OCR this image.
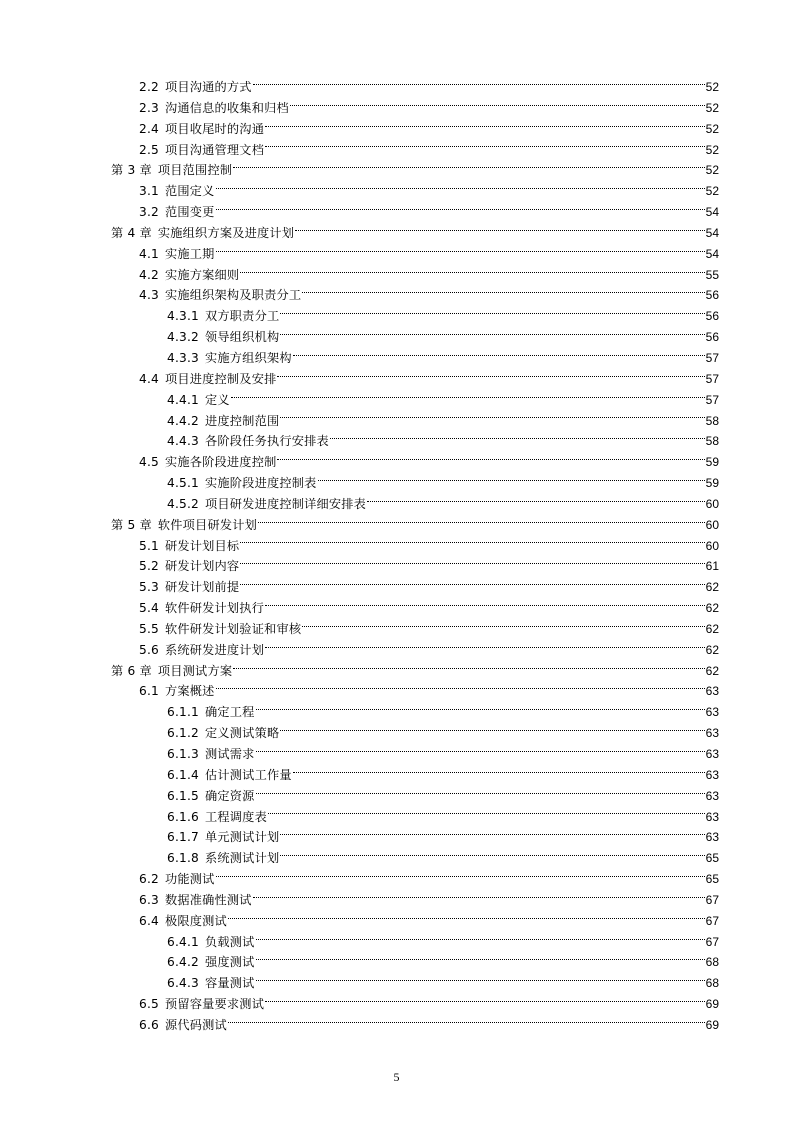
2.2 项目沟通的方式	52
2.3 沟通信息的收集和归档	52
2.4 项目收尾时的沟通	52
2.5 项目沟通管理文档	52
第 3 章 项目范围控制	52
3.1 范围定义	52
3.2 范围变更	54
第 4 章 实施组织方案及进度计划	54
4.1 实施工期	54
4.2 实施方案细则	55
4.3 实施组织架构及职责分工	56
4.3.1 双方职责分工	56
4.3.2 领导组织机构	56
4.3.3 实施方组织架构	57
4.4 项目进度控制及安排	57
4.4.1 定义	57
4.4.2 进度控制范围	58
4.4.3 各阶段任务执行安排表	58
4.5 实施各阶段进度控制	59
4.5.1 实施阶段进度控制表	59
4.5.2 项目研发进度控制详细安排表	60
第 5 章 软件项目研发计划	60
5.1 研发计划目标	60
5.2 研发计划内容	61
5.3 研发计划前提	62
5.4 软件研发计划执行	62
5.5 软件研发计划验证和审核	62
5.6 系统研发进度计划	62
第 6 章 项目测试方案	62
6.1 方案概述	63
6.1.1 确定工程	63
6.1.2 定义测试策略	63
6.1.3 测试需求	63
6.1.4 估计测试工作量	63
6.1.5 确定资源	63
6.1.6 工程调度表	63
6.1.7 单元测试计划	63
6.1.8 系统测试计划	65
6.2 功能测试	65
6.3 数据准确性测试	67
6.4 极限度测试	67
6.4.1 负载测试	67
6.4.2 强度测试	68
6.4.3 容量测试	68
6.5 预留容量要求测试	69
6.6 源代码测试	69
5
